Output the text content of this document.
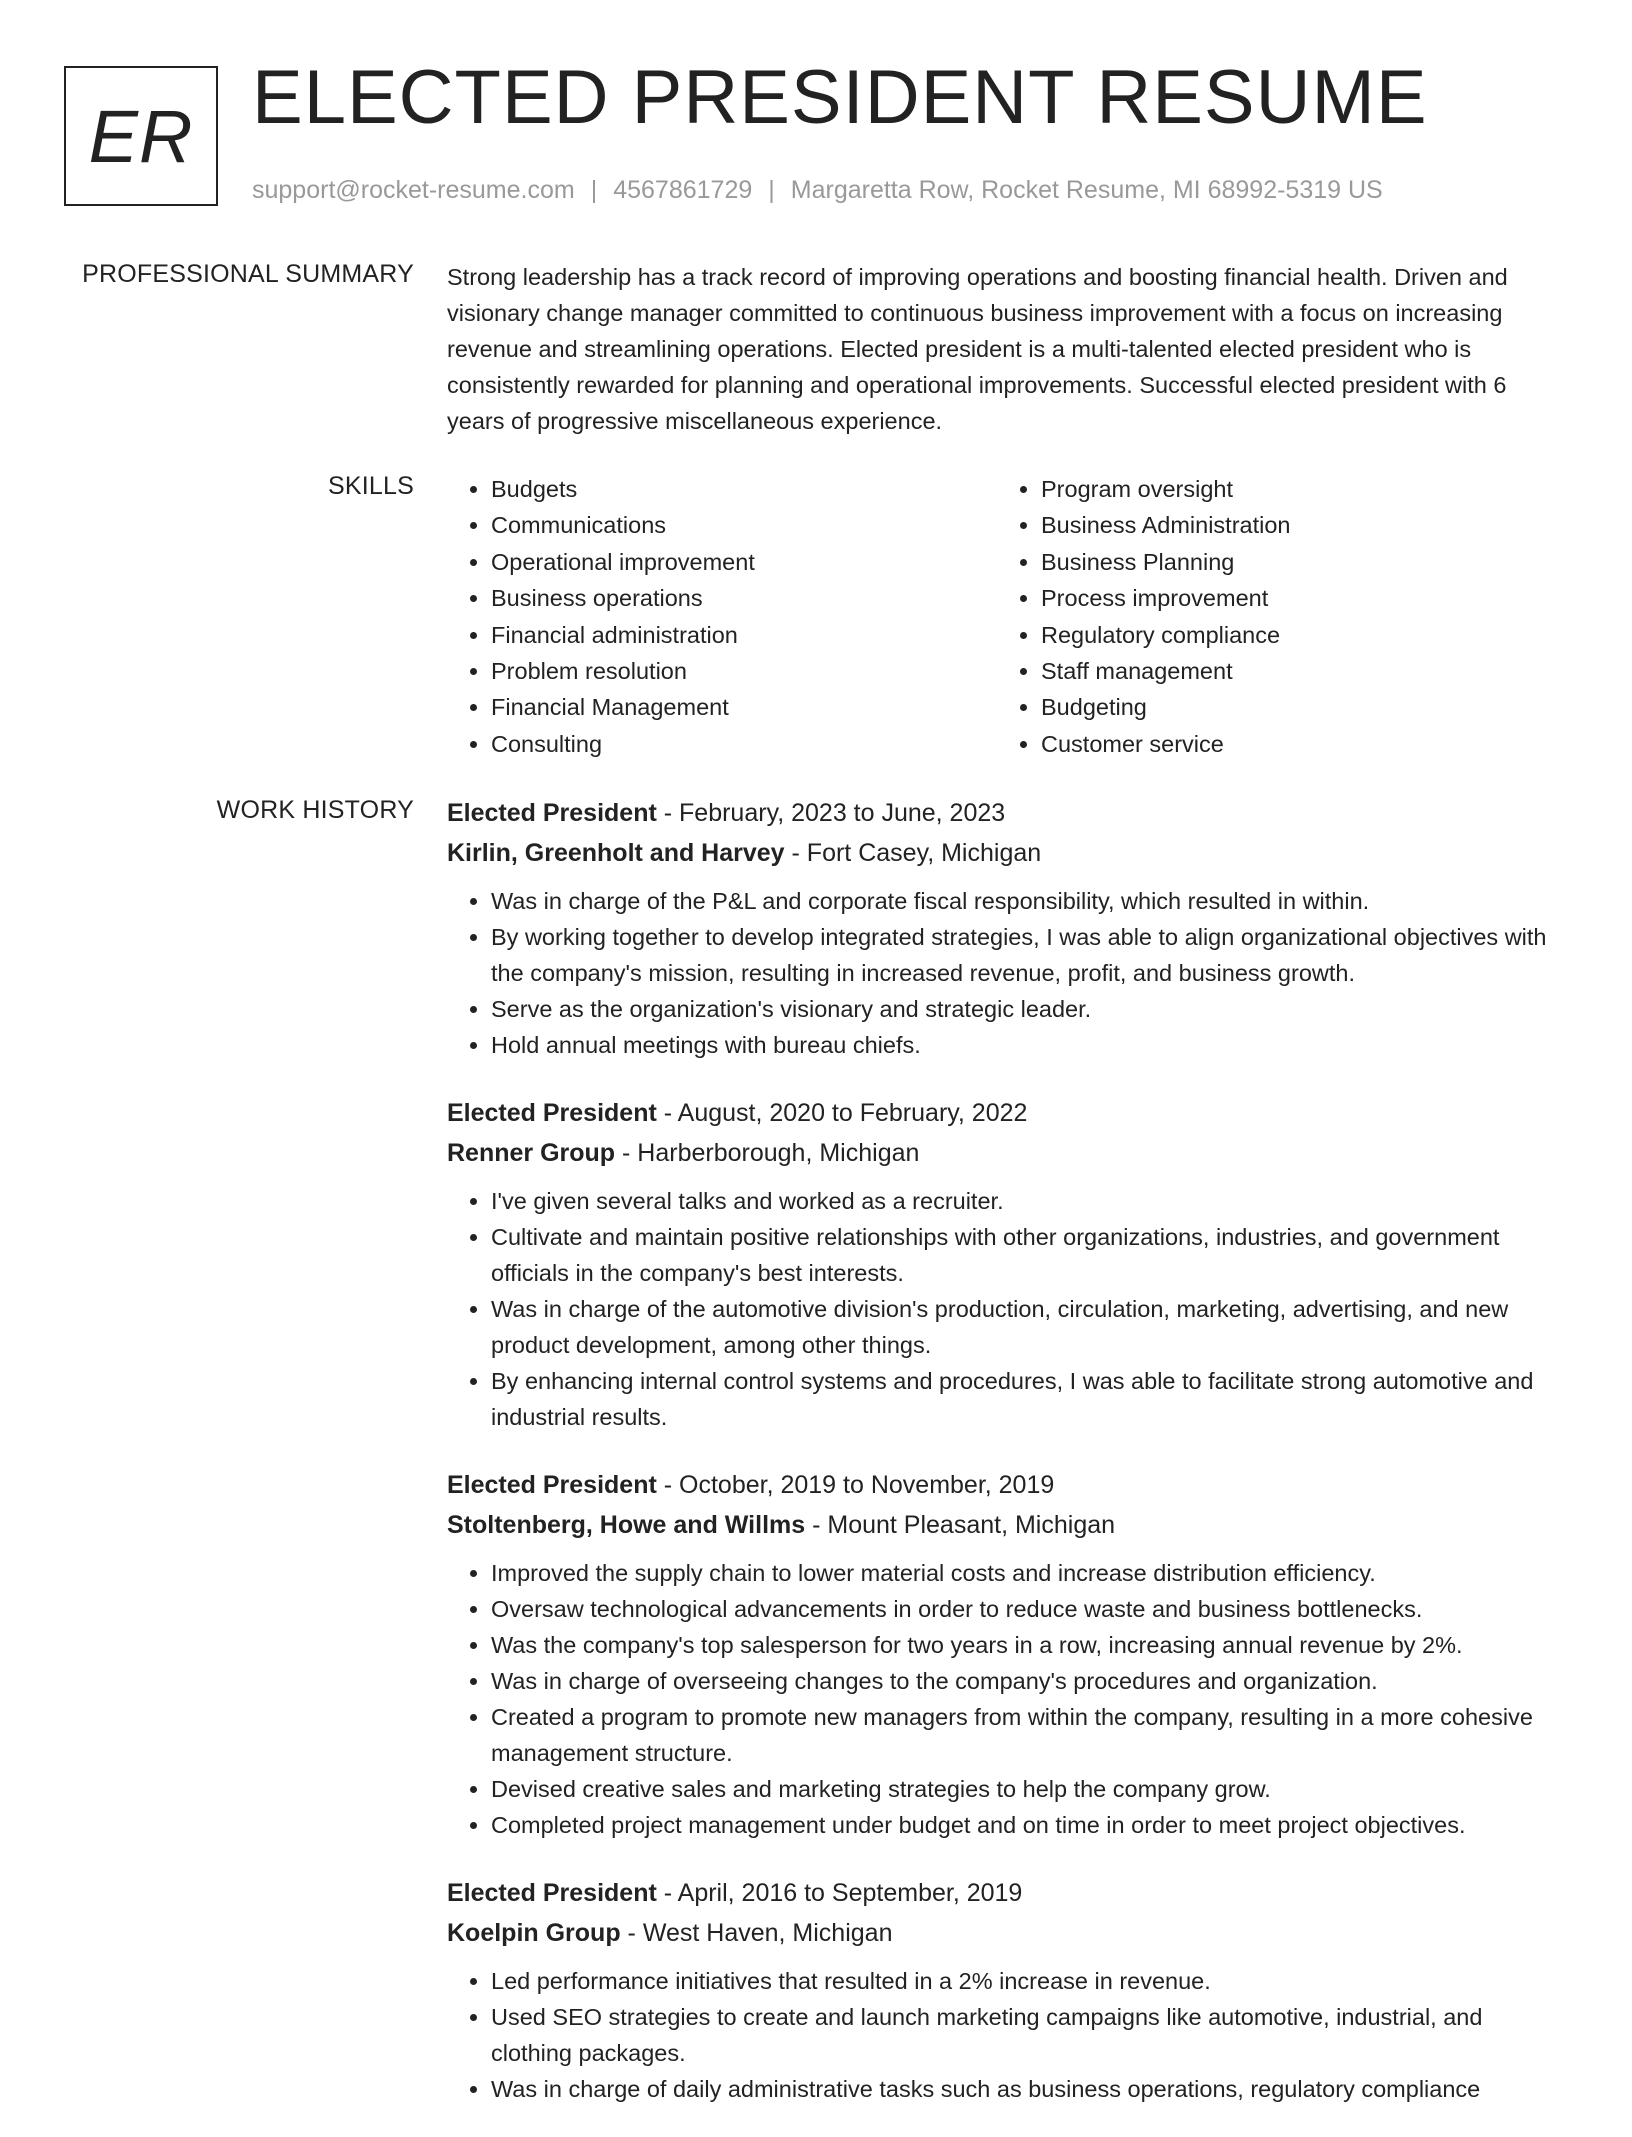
ER ELECTED PRESIDENT RESUME
support@rocket-resume.com | 4567861729 | Margaretta Row, Rocket Resume, MI 68992-5319 US
PROFESSIONAL SUMMARY Strong leadership has a track record of improving operations and boosting financial health. Driven and visionary change manager committed to continuous business improvement with a focus on increasing revenue and streamlining operations. Elected president is a multi-talented elected president who is consistently rewarded for planning and operational improvements. Successful elected president with 6 years of progressive miscellaneous experience.

SKILLS
•	Budgets
• Communications
• Operational improvement
• Business operations
• Financial administration
• Problem resolution
• Financial Management
• Consulting
• Program oversight
• Business Administration
• Business Planning
• Process improvement
• Regulatory compliance
• Staff management
• Budgeting
• Customer service
WORK HISTORY Elected President - February, 2023 to June, 2023
Kirlin, Greenholt and Harvey - Fort Casey, Michigan
• Was in charge of the P&L and corporate fiscal responsibility, which resulted in within.
• By working together to develop integrated strategies, I was able to align organizational objectives with the company's mission, resulting in increased revenue, profit, and business growth.
• Serve as the organization's visionary and strategic leader.
• Hold annual meetings with bureau chiefs.
Elected President - August, 2020 to February, 2022
Renner Group - Harberborough, Michigan
• I've given several talks and worked as a recruiter.
• Cultivate and maintain positive relationships with other organizations, industries, and government officials in the company's best interests.
• Was in charge of the automotive division's production, circulation, marketing, advertising, and new product development, among other things.
• By enhancing internal control systems and procedures, I was able to facilitate strong automotive and industrial results.
Elected President - October, 2019 to November, 2019
Stoltenberg, Howe and Willms - Mount Pleasant, Michigan
• Improved the supply chain to lower material costs and increase distribution efficiency.
• Oversaw technological advancements in order to reduce waste and business bottlenecks.
• Was the company's top salesperson for two years in a row, increasing annual revenue by 2%.
• Was in charge of overseeing changes to the company's procedures and organization.
• Created a program to promote new managers from within the company, resulting in a more cohesive management structure.
• Devised creative sales and marketing strategies to help the company grow.
• Completed project management under budget and on time in order to meet project objectives.
Elected President - April, 2016 to September, 2019
Koelpin Group - West Haven, Michigan
• Led performance initiatives that resulted in a 2% increase in revenue.
• Used SEO strategies to create and launch marketing campaigns like automotive, industrial, and clothing packages.
• Was in charge of daily administrative tasks such as business operations, regulatory compliance
